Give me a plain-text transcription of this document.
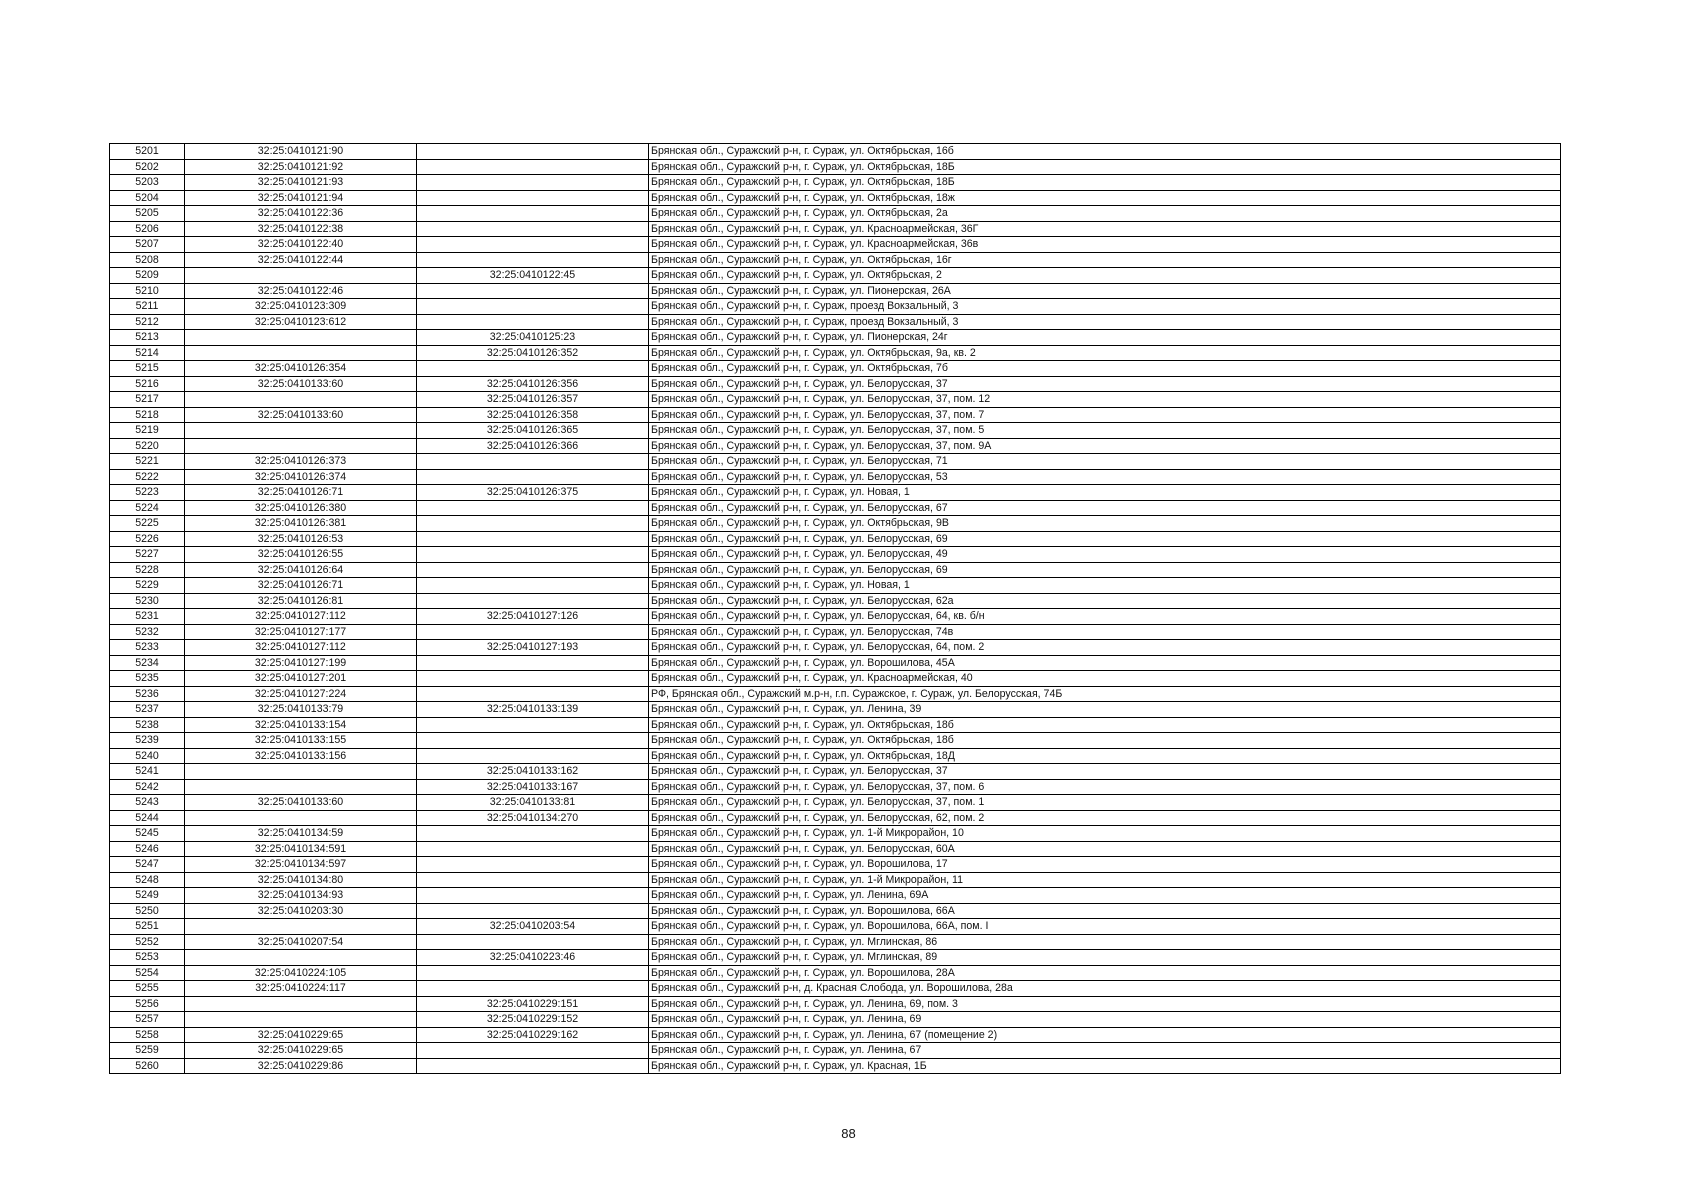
5201	32:25:0410121:90		Брянская обл., Суражский р-н, г. Сураж, ул. Октябрьская, 16б
5202	32:25:0410121:92		Брянская обл., Суражский р-н, г. Сураж, ул. Октябрьская, 18Б
5203	32:25:0410121:93		Брянская обл., Суражский р-н, г. Сураж, ул. Октябрьская, 18Б
5204	32:25:0410121:94		Брянская обл., Суражский р-н, г. Сураж, ул. Октябрьская, 18ж
5205	32:25:0410122:36		Брянская обл., Суражский р-н, г. Сураж, ул. Октябрьская, 2а
5206	32:25:0410122:38		Брянская обл., Суражский р-н, г. Сураж, ул. Красноармейская, 36Г
5207	32:25:0410122:40		Брянская обл., Суражский р-н, г. Сураж, ул. Красноармейская, 36в
5208	32:25:0410122:44		Брянская обл., Суражский р-н, г. Сураж, ул. Октябрьская, 16г
5209		32:25:0410122:45	Брянская обл., Суражский р-н, г. Сураж, ул. Октябрьская, 2
5210	32:25:0410122:46		Брянская обл., Суражский р-н, г. Сураж, ул. Пионерская, 26А
5211	32:25:0410123:309		Брянская обл., Суражский р-н, г. Сураж, проезд Вокзальный, 3
5212	32:25:0410123:612		Брянская обл., Суражский р-н, г. Сураж, проезд Вокзальный, 3
5213		32:25:0410125:23	Брянская обл., Суражский р-н, г. Сураж, ул. Пионерская, 24г
5214		32:25:0410126:352	Брянская обл., Суражский р-н, г. Сураж, ул. Октябрьская, 9а, кв. 2
5215	32:25:0410126:354		Брянская обл., Суражский р-н, г. Сураж, ул. Октябрьская, 7б
5216	32:25:0410133:60	32:25:0410126:356	Брянская обл., Суражский р-н, г. Сураж, ул. Белорусская, 37
5217		32:25:0410126:357	Брянская обл., Суражский р-н, г. Сураж, ул. Белорусская, 37, пом. 12
5218	32:25:0410133:60	32:25:0410126:358	Брянская обл., Суражский р-н, г. Сураж, ул. Белорусская, 37, пом. 7
5219		32:25:0410126:365	Брянская обл., Суражский р-н, г. Сураж, ул. Белорусская, 37, пом. 5
5220		32:25:0410126:366	Брянская обл., Суражский р-н, г. Сураж, ул. Белорусская, 37, пом. 9А
5221	32:25:0410126:373		Брянская обл., Суражский р-н, г. Сураж, ул. Белорусская, 71
5222	32:25:0410126:374		Брянская обл., Суражский р-н, г. Сураж, ул. Белорусская, 53
5223	32:25:0410126:71	32:25:0410126:375	Брянская обл., Суражский р-н, г. Сураж, ул. Новая, 1
5224	32:25:0410126:380		Брянская обл., Суражский р-н, г. Сураж, ул. Белорусская, 67
5225	32:25:0410126:381		Брянская обл., Суражский р-н, г. Сураж, ул. Октябрьская, 9В
5226	32:25:0410126:53		Брянская обл., Суражский р-н, г. Сураж, ул. Белорусская, 69
5227	32:25:0410126:55		Брянская обл., Суражский р-н, г. Сураж, ул. Белорусская, 49
5228	32:25:0410126:64		Брянская обл., Суражский р-н, г. Сураж, ул. Белорусская, 69
5229	32:25:0410126:71		Брянская обл., Суражский р-н, г. Сураж, ул. Новая, 1
5230	32:25:0410126:81		Брянская обл., Суражский р-н, г. Сураж, ул. Белорусская, 62а
5231	32:25:0410127:112	32:25:0410127:126	Брянская обл., Суражский р-н, г. Сураж, ул. Белорусская, 64, кв. б/н
5232	32:25:0410127:177		Брянская обл., Суражский р-н, г. Сураж, ул. Белорусская, 74в
5233	32:25:0410127:112	32:25:0410127:193	Брянская обл., Суражский р-н, г. Сураж, ул. Белорусская, 64, пом. 2
5234	32:25:0410127:199		Брянская обл., Суражский р-н, г. Сураж, ул. Ворошилова, 45А
5235	32:25:0410127:201		Брянская обл., Суражский р-н, г. Сураж, ул. Красноармейская, 40
5236	32:25:0410127:224		РФ, Брянская обл., Суражский м.р-н, г.п. Суражское, г. Сураж, ул. Белорусская, 74Б
5237	32:25:0410133:79	32:25:0410133:139	Брянская обл., Суражский р-н, г. Сураж, ул. Ленина, 39
5238	32:25:0410133:154		Брянская обл., Суражский р-н, г. Сураж, ул. Октябрьская, 18б
5239	32:25:0410133:155		Брянская обл., Суражский р-н, г. Сураж, ул. Октябрьская, 18б
5240	32:25:0410133:156		Брянская обл., Суражский р-н, г. Сураж, ул. Октябрьская, 18Д
5241		32:25:0410133:162	Брянская обл., Суражский р-н, г. Сураж, ул. Белорусская, 37
5242		32:25:0410133:167	Брянская обл., Суражский р-н, г. Сураж, ул. Белорусская, 37, пом. 6
5243	32:25:0410133:60	32:25:0410133:81	Брянская обл., Суражский р-н, г. Сураж, ул. Белорусская, 37, пом. 1
5244		32:25:0410134:270	Брянская обл., Суражский р-н, г. Сураж, ул. Белорусская, 62, пом. 2
5245	32:25:0410134:59		Брянская обл., Суражский р-н, г. Сураж, ул. 1-й Микрорайон, 10
5246	32:25:0410134:591		Брянская обл., Суражский р-н, г. Сураж, ул. Белорусская, 60А
5247	32:25:0410134:597		Брянская обл., Суражский р-н, г. Сураж, ул. Ворошилова, 17
5248	32:25:0410134:80		Брянская обл., Суражский р-н, г. Сураж, ул. 1-й Микрорайон, 11
5249	32:25:0410134:93		Брянская обл., Суражский р-н, г. Сураж, ул. Ленина, 69А
5250	32:25:0410203:30		Брянская обл., Суражский р-н, г. Сураж, ул. Ворошилова, 66А
5251		32:25:0410203:54	Брянская обл., Суражский р-н, г. Сураж, ул. Ворошилова, 66А, пом. I
5252	32:25:0410207:54		Брянская обл., Суражский р-н, г. Сураж, ул. Мглинская, 86
5253		32:25:0410223:46	Брянская обл., Суражский р-н, г. Сураж, ул. Мглинская, 89
5254	32:25:0410224:105		Брянская обл., Суражский р-н, г. Сураж, ул. Ворошилова, 28А
5255	32:25:0410224:117		Брянская обл., Суражский р-н, д. Красная Слобода, ул. Ворошилова, 28а
5256		32:25:0410229:151	Брянская обл., Суражский р-н, г. Сураж, ул. Ленина, 69, пом. 3
5257		32:25:0410229:152	Брянская обл., Суражский р-н, г. Сураж, ул. Ленина, 69
5258	32:25:0410229:65	32:25:0410229:162	Брянская обл., Суражский р-н, г. Сураж, ул. Ленина, 67 (помещение 2)
5259	32:25:0410229:65		Брянская обл., Суражский р-н, г. Сураж, ул. Ленина, 67
5260	32:25:0410229:86		Брянская обл., Суражский р-н, г. Сураж, ул. Красная, 1Б
88
